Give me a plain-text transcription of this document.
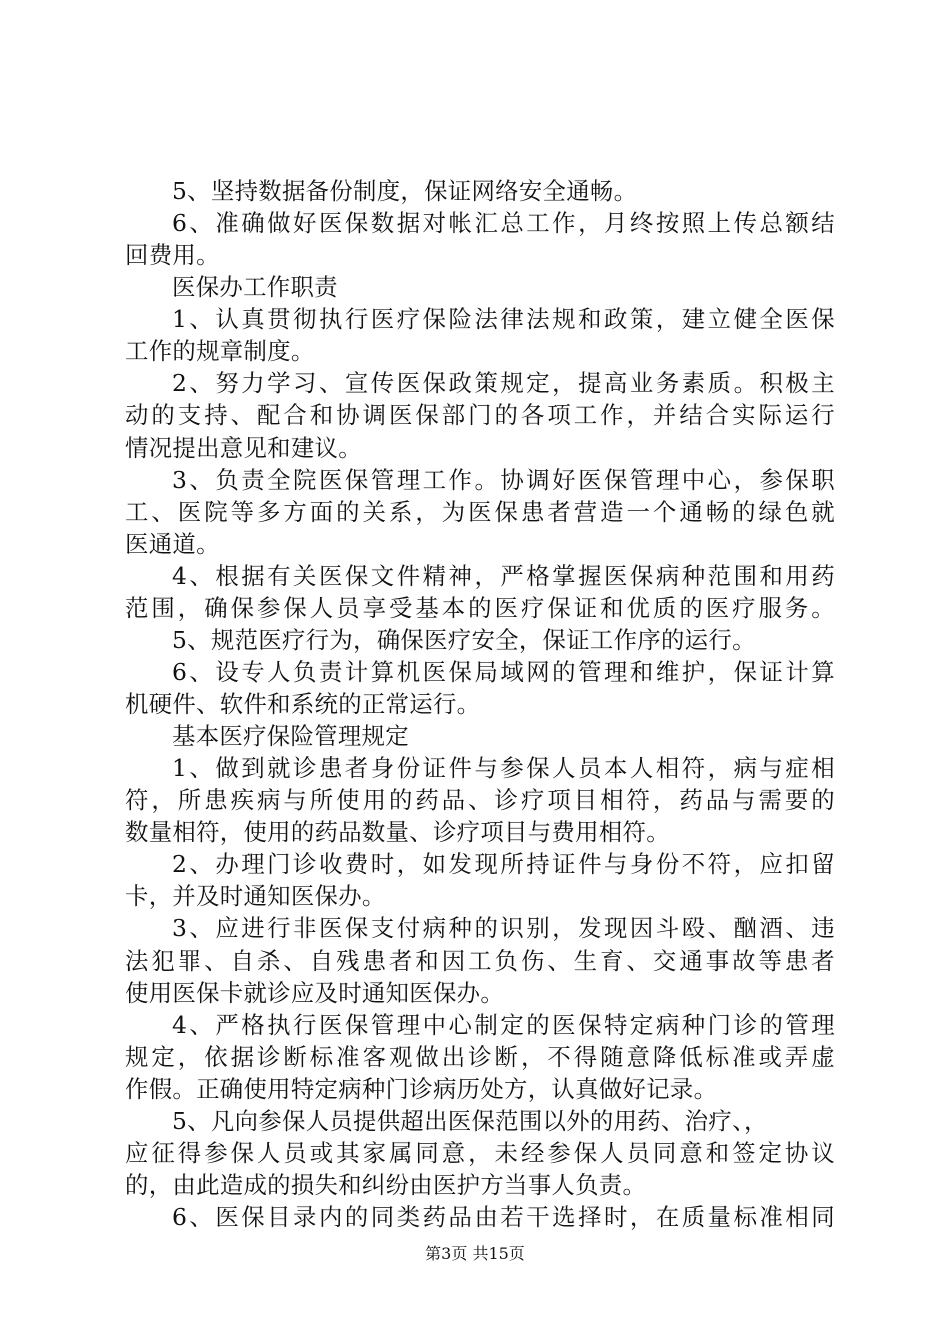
5、坚持数据备份制度，保证网络安全通畅。
6、准确做好医保数据对帐汇总工作，月终按照上传总额结
回费用。
医保办工作职责
1、认真贯彻执行医疗保险法律法规和政策，建立健全医保
工作的规章制度。
2、努力学习、宣传医保政策规定，提高业务素质。积极主
动的支持、配合和协调医保部门的各项工作，并结合实际运行
情况提出意见和建议。
3、负责全院医保管理工作。协调好医保管理中心，参保职
工、医院等多方面的关系，为医保患者营造一个通畅的绿色就
医通道。
4、根据有关医保文件精神，严格掌握医保病种范围和用药
范围，确保参保人员享受基本的医疗保证和优质的医疗服务。
5、规范医疗行为，确保医疗安全，保证工作序的运行。
6、设专人负责计算机医保局域网的管理和维护，保证计算
机硬件、软件和系统的正常运行。
基本医疗保险管理规定
1、做到就诊患者身份证件与参保人员本人相符，病与症相
符，所患疾病与所使用的药品、诊疗项目相符，药品与需要的
数量相符，使用的药品数量、诊疗项目与费用相符。
2、办理门诊收费时，如发现所持证件与身份不符，应扣留
卡，并及时通知医保办。
3、应进行非医保支付病种的识别，发现因斗殴、酗酒、违
法犯罪、自杀、自残患者和因工负伤、生育、交通事故等患者
使用医保卡就诊应及时通知医保办。
4、严格执行医保管理中心制定的医保特定病种门诊的管理
规定，依据诊断标准客观做出诊断，不得随意降低标准或弄虚
作假。正确使用特定病种门诊病历处方，认真做好记录。
5、凡向参保人员提供超出医保范围以外的用药、治疗、，
应征得参保人员或其家属同意，未经参保人员同意和签定协议
的，由此造成的损失和纠纷由医护方当事人负责。
6、医保目录内的同类药品由若干选择时，在质量标准相同
第3页 共15页
